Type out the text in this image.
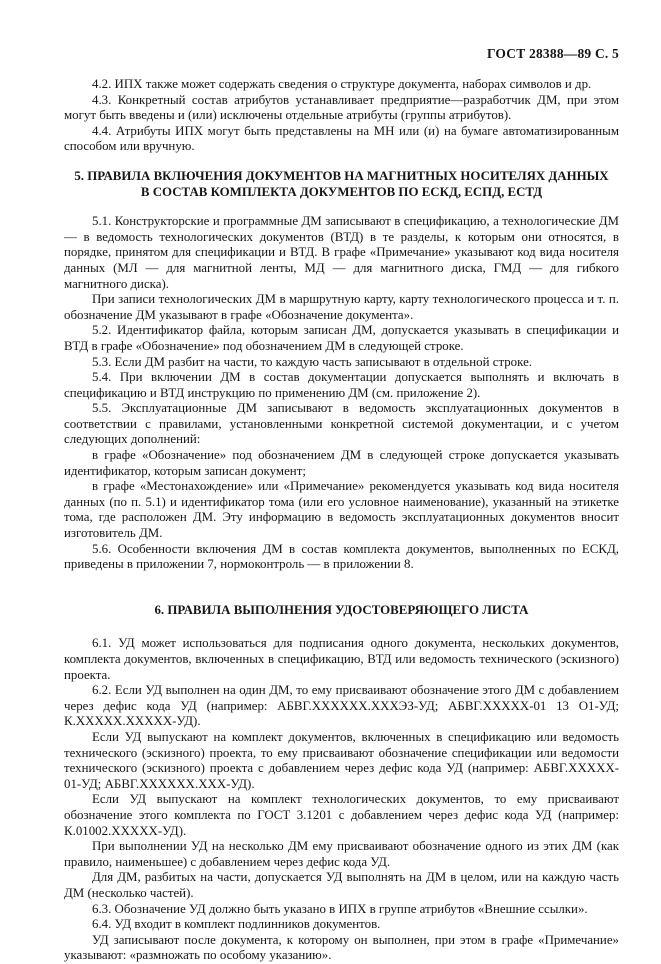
ГОСТ 28388—89 С. 5

4.2. ИПХ также может содержать сведения о структуре документа, наборах символов и др.

4.3. Конкретный состав атрибутов устанавливает предприятие—разработчик ДМ, при этом могут быть введены и (или) исключены отдельные атрибуты (группы атрибутов).

4.4. Атрибуты ИПХ могут быть представлены на МН или (и) на бумаге автоматизированным способом или вручную.

5. ПРАВИЛА ВКЛЮЧЕНИЯ ДОКУМЕНТОВ НА МАГНИТНЫХ НОСИТЕЛЯХ ДАННЫХ
В СОСТАВ КОМПЛЕКТА ДОКУМЕНТОВ ПО ЕСКД, ЕСПД, ЕСТД

5.1. Конструкторские и программные ДМ записывают в спецификацию, а технологические ДМ — в ведомость технологических документов (ВТД) в те разделы, к которым они относятся, в порядке, принятом для спецификации и ВТД. В графе «Примечание» указывают код вида носителя данных (МЛ — для магнитной ленты, МД — для магнитного диска, ГМД — для гибкого магнитного диска).

При записи технологических ДМ в маршрутную карту, карту технологического процесса и т. п. обозначение ДМ указывают в графе «Обозначение документа».

5.2. Идентификатор файла, которым записан ДМ, допускается указывать в спецификации и ВТД в графе «Обозначение» под обозначением ДМ в следующей строке.

5.3. Если ДМ разбит на части, то каждую часть записывают в отдельной строке.

5.4. При включении ДМ в состав документации допускается выполнять и включать в спецификацию и ВТД инструкцию по применению ДМ (см. приложение 2).

5.5. Эксплуатационные ДМ записывают в ведомость эксплуатационных документов в соответствии с правилами, установленными конкретной системой документации, и с учетом следующих дополнений:

в графе «Обозначение» под обозначением ДМ в следующей строке допускается указывать идентификатор, которым записан документ;

в графе «Местонахождение» или «Примечание» рекомендуется указывать код вида носителя данных (по п. 5.1) и идентификатор тома (или его условное наименование), указанный на этикетке тома, где расположен ДМ. Эту информацию в ведомость эксплуатационных документов вносит изготовитель ДМ.

5.6. Особенности включения ДМ в состав комплекта документов, выполненных по ЕСКД, приведены в приложении 7, нормоконтроль — в приложении 8.

6. ПРАВИЛА ВЫПОЛНЕНИЯ УДОСТОВЕРЯЮЩЕГО ЛИСТА

6.1. УД может использоваться для подписания одного документа, нескольких документов, комплекта документов, включенных в спецификацию, ВТД или ведомость технического (эскизного) проекта.

6.2. Если УД выполнен на один ДМ, то ему присваивают обозначение этого ДМ с добавлением через дефис кода УД (например: АБВГ.XXXXXX.XXXЭЗ-УД; АБВГ.XXXXX-01 13 О1-УД; К.XXXXX.XXXXX-УД).

Если УД выпускают на комплект документов, включенных в спецификацию или ведомость технического (эскизного) проекта, то ему присваивают обозначение спецификации или ведомости технического (эскизного) проекта с добавлением через дефис кода УД (например: АБВГ.XXXXX-01-УД; АБВГ.XXXXXX.XXX-УД).

Если УД выпускают на комплект технологических документов, то ему присваивают обозначение этого комплекта по ГОСТ 3.1201 с добавлением через дефис кода УД (например: К.01002.XXXXX-УД).

При выполнении УД на несколько ДМ ему присваивают обозначение одного из этих ДМ (как правило, наименьшее) с добавлением через дефис кода УД.

Для ДМ, разбитых на части, допускается УД выполнять на ДМ в целом, или на каждую часть ДМ (несколько частей).

6.3. Обозначение УД должно быть указано в ИПХ в группе атрибутов «Внешние ссылки».

6.4. УД входит в комплект подлинников документов.

УД записывают после документа, к которому он выполнен, при этом в графе «Примечание» указывают: «размножать по особому указанию».
